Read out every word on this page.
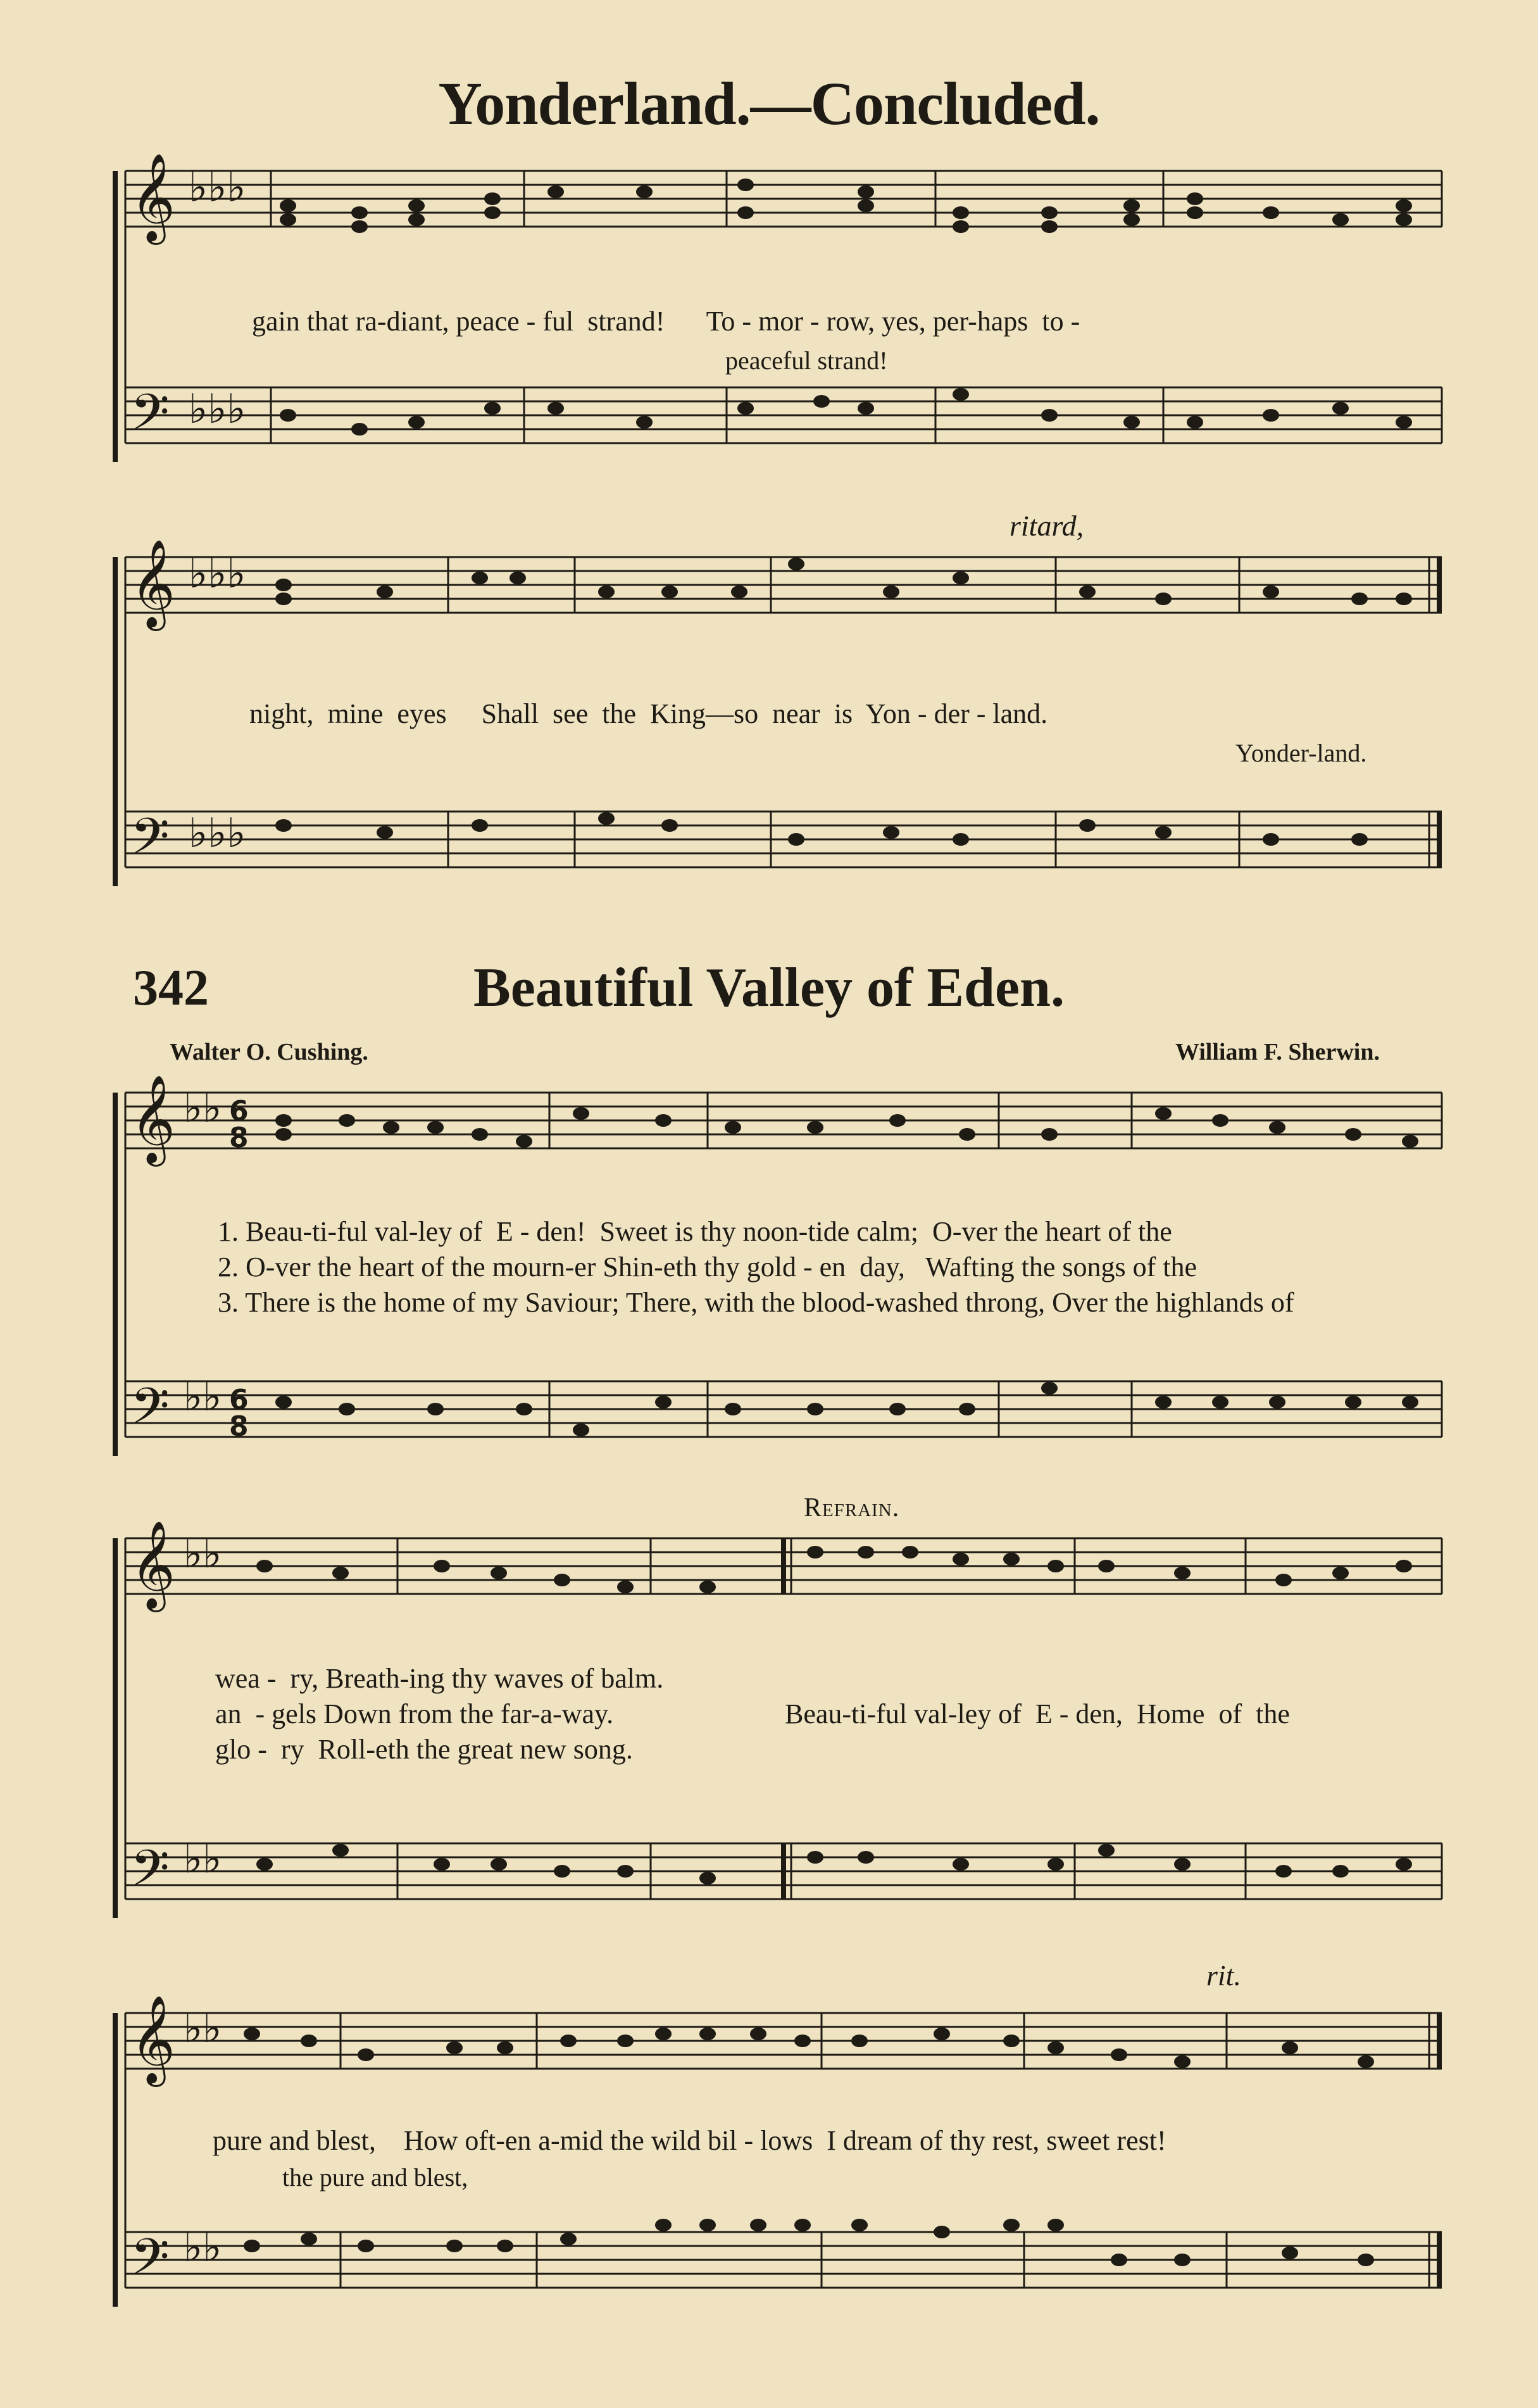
Yonderland.—Concluded.
𝄞
𝄢
♭♭♭
♭♭♭
𝄞
𝄢
♭♭♭
♭♭♭
𝄞
𝄢
♭♭
♭♭
6
8
6
8
𝄞
𝄢
♭♭
♭♭
𝄞
𝄢
♭♭
♭♭
gain that ra-diant, peace - ful  strand!      To - mor - row, yes, per-haps  to -
peaceful strand!
ritard,
night,  mine  eyes     Shall  see  the  King—so  near  is  Yon - der - land.
Yonder-land.
342	Beautiful Valley of Eden.
Walter O. Cushing.	William F. Sherwin.
1. Beau-ti-ful val-ley of  E - den!  Sweet is thy noon-tide calm;  O-ver the heart of the
2. O-ver the heart of the mourn-er Shin-eth thy gold - en  day,   Wafting the songs of the
3. There is the home of my Saviour; There, with the blood-washed throng, Over the highlands of
Refrain.
wea -  ry, Breath-ing thy waves of balm.
an  - gels Down from the far-a-way.	Beau-ti-ful val-ley of  E - den,  Home  of  the
glo -  ry  Roll-eth the great new song.
rit.
pure and blest,    How oft-en a-mid the wild bil - lows  I dream of thy rest, sweet rest!
the pure and blest,
